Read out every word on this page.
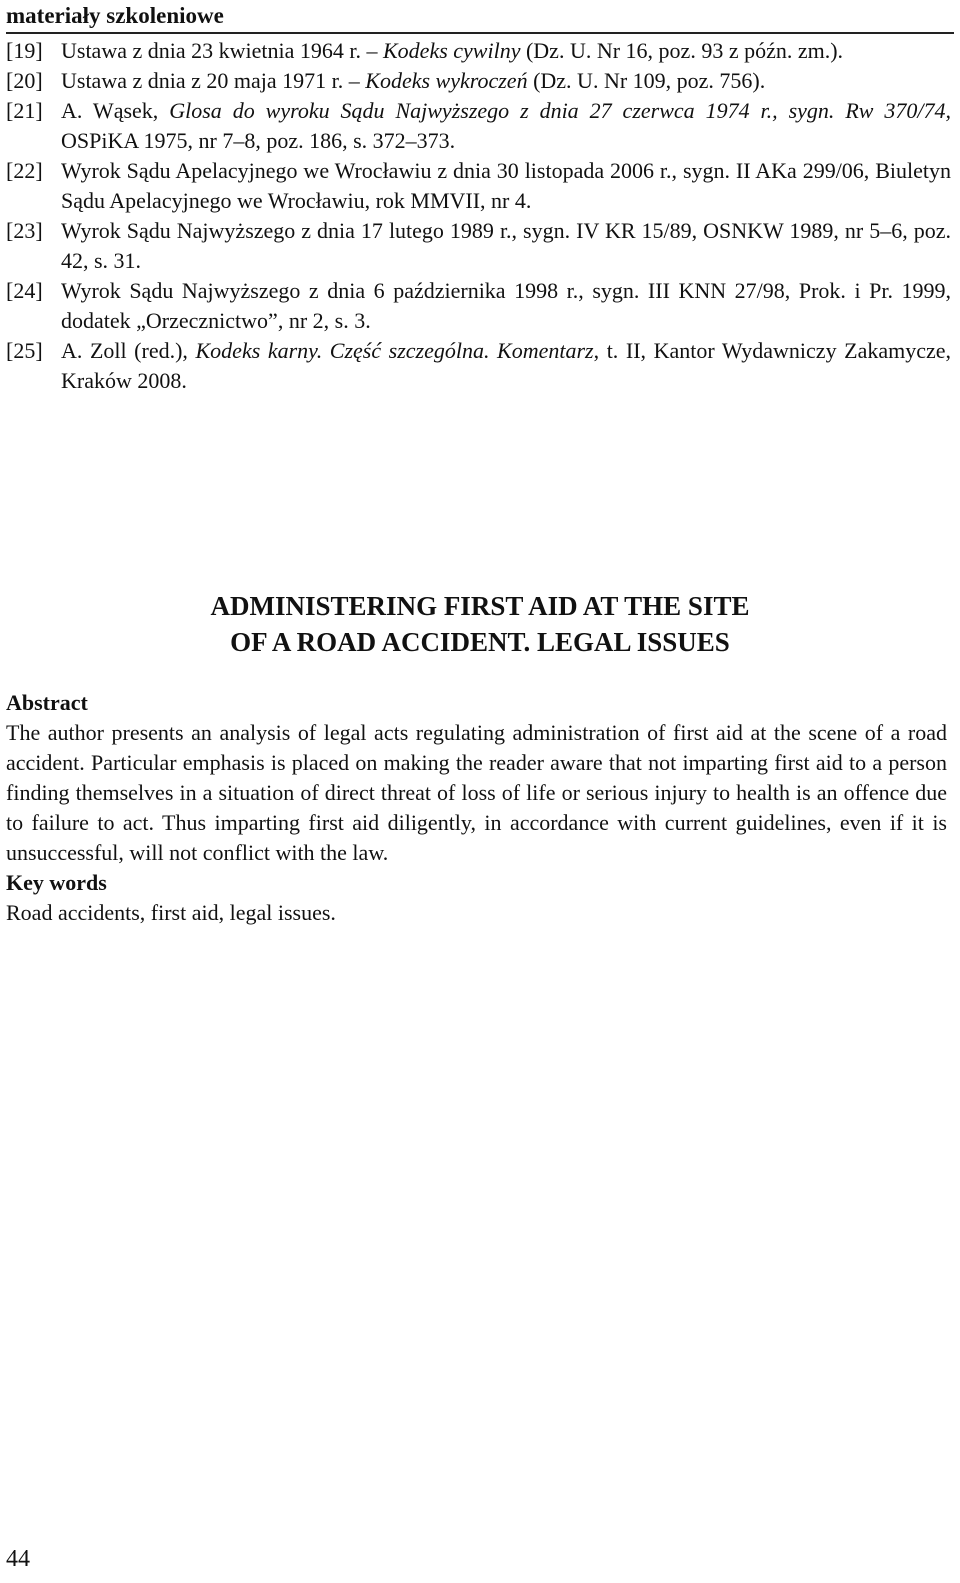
materiały szkoleniowe
[19] Ustawa z dnia 23 kwietnia 1964 r. – Kodeks cywilny (Dz. U. Nr 16, poz. 93 z późn. zm.).
[20] Ustawa z dnia z 20 maja 1971 r. – Kodeks wykroczeń (Dz. U. Nr 109, poz. 756).
[21] A. Wąsek, Glosa do wyroku Sądu Najwyższego z dnia 27 czerwca 1974 r., sygn. Rw 370/74, OSPiKA 1975, nr 7–8, poz. 186, s. 372–373.
[22] Wyrok Sądu Apelacyjnego we Wrocławiu z dnia 30 listopada 2006 r., sygn. II AKa 299/06, Biuletyn Sądu Apelacyjnego we Wrocławiu, rok MMVII, nr 4.
[23] Wyrok Sądu Najwyższego z dnia 17 lutego 1989 r., sygn. IV KR 15/89, OSNKW 1989, nr 5–6, poz. 42, s. 31.
[24] Wyrok Sądu Najwyższego z dnia 6 października 1998 r., sygn. III KNN 27/98, Prok. i Pr. 1999, dodatek „Orzecznictwo”, nr 2, s. 3.
[25] A. Zoll (red.), Kodeks karny. Część szczególna. Komentarz, t. II, Kantor Wydawniczy Zakamycze, Kraków 2008.
ADMINISTERING FIRST AID AT THE SITE
OF A ROAD ACCIDENT. LEGAL ISSUES
Abstract
The author presents an analysis of legal acts regulating administration of first aid at the scene of a road accident. Particular emphasis is placed on making the reader aware that not imparting first aid to a person finding themselves in a situation of direct threat of loss of life or serious injury to health is an offence due to failure to act. Thus imparting first aid diligently, in accordance with current guidelines, even if it is unsuccessful, will not conflict with the law.
Key words
Road accidents, first aid, legal issues.
44
